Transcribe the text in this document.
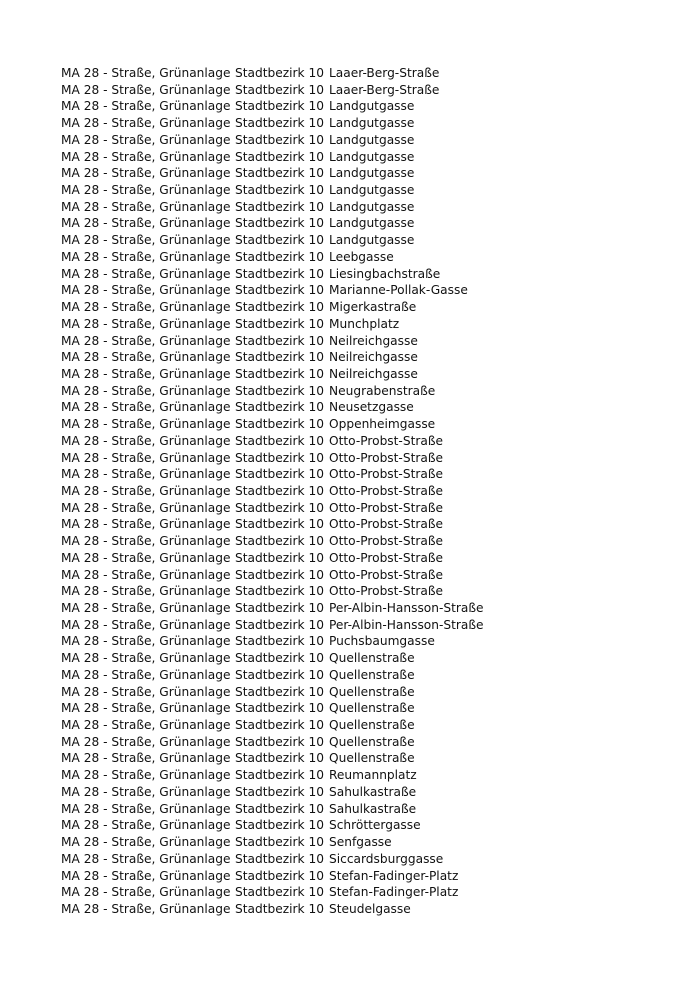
MA 28 - Straße, Grünanlage Stadtbezirk 10 Laaer-Berg-Straße
MA 28 - Straße, Grünanlage Stadtbezirk 10 Laaer-Berg-Straße
MA 28 - Straße, Grünanlage Stadtbezirk 10 Landgutgasse
MA 28 - Straße, Grünanlage Stadtbezirk 10 Landgutgasse
MA 28 - Straße, Grünanlage Stadtbezirk 10 Landgutgasse
MA 28 - Straße, Grünanlage Stadtbezirk 10 Landgutgasse
MA 28 - Straße, Grünanlage Stadtbezirk 10 Landgutgasse
MA 28 - Straße, Grünanlage Stadtbezirk 10 Landgutgasse
MA 28 - Straße, Grünanlage Stadtbezirk 10 Landgutgasse
MA 28 - Straße, Grünanlage Stadtbezirk 10 Landgutgasse
MA 28 - Straße, Grünanlage Stadtbezirk 10 Landgutgasse
MA 28 - Straße, Grünanlage Stadtbezirk 10 Leebgasse
MA 28 - Straße, Grünanlage Stadtbezirk 10 Liesingbachstraße
MA 28 - Straße, Grünanlage Stadtbezirk 10 Marianne-Pollak-Gasse
MA 28 - Straße, Grünanlage Stadtbezirk 10 Migerkastraße
MA 28 - Straße, Grünanlage Stadtbezirk 10 Munchplatz
MA 28 - Straße, Grünanlage Stadtbezirk 10 Neilreichgasse
MA 28 - Straße, Grünanlage Stadtbezirk 10 Neilreichgasse
MA 28 - Straße, Grünanlage Stadtbezirk 10 Neilreichgasse
MA 28 - Straße, Grünanlage Stadtbezirk 10 Neugrabenstraße
MA 28 - Straße, Grünanlage Stadtbezirk 10 Neusetzgasse
MA 28 - Straße, Grünanlage Stadtbezirk 10 Oppenheimgasse
MA 28 - Straße, Grünanlage Stadtbezirk 10 Otto-Probst-Straße
MA 28 - Straße, Grünanlage Stadtbezirk 10 Otto-Probst-Straße
MA 28 - Straße, Grünanlage Stadtbezirk 10 Otto-Probst-Straße
MA 28 - Straße, Grünanlage Stadtbezirk 10 Otto-Probst-Straße
MA 28 - Straße, Grünanlage Stadtbezirk 10 Otto-Probst-Straße
MA 28 - Straße, Grünanlage Stadtbezirk 10 Otto-Probst-Straße
MA 28 - Straße, Grünanlage Stadtbezirk 10 Otto-Probst-Straße
MA 28 - Straße, Grünanlage Stadtbezirk 10 Otto-Probst-Straße
MA 28 - Straße, Grünanlage Stadtbezirk 10 Otto-Probst-Straße
MA 28 - Straße, Grünanlage Stadtbezirk 10 Otto-Probst-Straße
MA 28 - Straße, Grünanlage Stadtbezirk 10 Per-Albin-Hansson-Straße
MA 28 - Straße, Grünanlage Stadtbezirk 10 Per-Albin-Hansson-Straße
MA 28 - Straße, Grünanlage Stadtbezirk 10 Puchsbaumgasse
MA 28 - Straße, Grünanlage Stadtbezirk 10 Quellenstraße
MA 28 - Straße, Grünanlage Stadtbezirk 10 Quellenstraße
MA 28 - Straße, Grünanlage Stadtbezirk 10 Quellenstraße
MA 28 - Straße, Grünanlage Stadtbezirk 10 Quellenstraße
MA 28 - Straße, Grünanlage Stadtbezirk 10 Quellenstraße
MA 28 - Straße, Grünanlage Stadtbezirk 10 Quellenstraße
MA 28 - Straße, Grünanlage Stadtbezirk 10 Quellenstraße
MA 28 - Straße, Grünanlage Stadtbezirk 10 Reumannplatz
MA 28 - Straße, Grünanlage Stadtbezirk 10 Sahulkastraße
MA 28 - Straße, Grünanlage Stadtbezirk 10 Sahulkastraße
MA 28 - Straße, Grünanlage Stadtbezirk 10 Schröttergasse
MA 28 - Straße, Grünanlage Stadtbezirk 10 Senfgasse
MA 28 - Straße, Grünanlage Stadtbezirk 10 Siccardsburggasse
MA 28 - Straße, Grünanlage Stadtbezirk 10 Stefan-Fadinger-Platz
MA 28 - Straße, Grünanlage Stadtbezirk 10 Stefan-Fadinger-Platz
MA 28 - Straße, Grünanlage Stadtbezirk 10 Steudelgasse
